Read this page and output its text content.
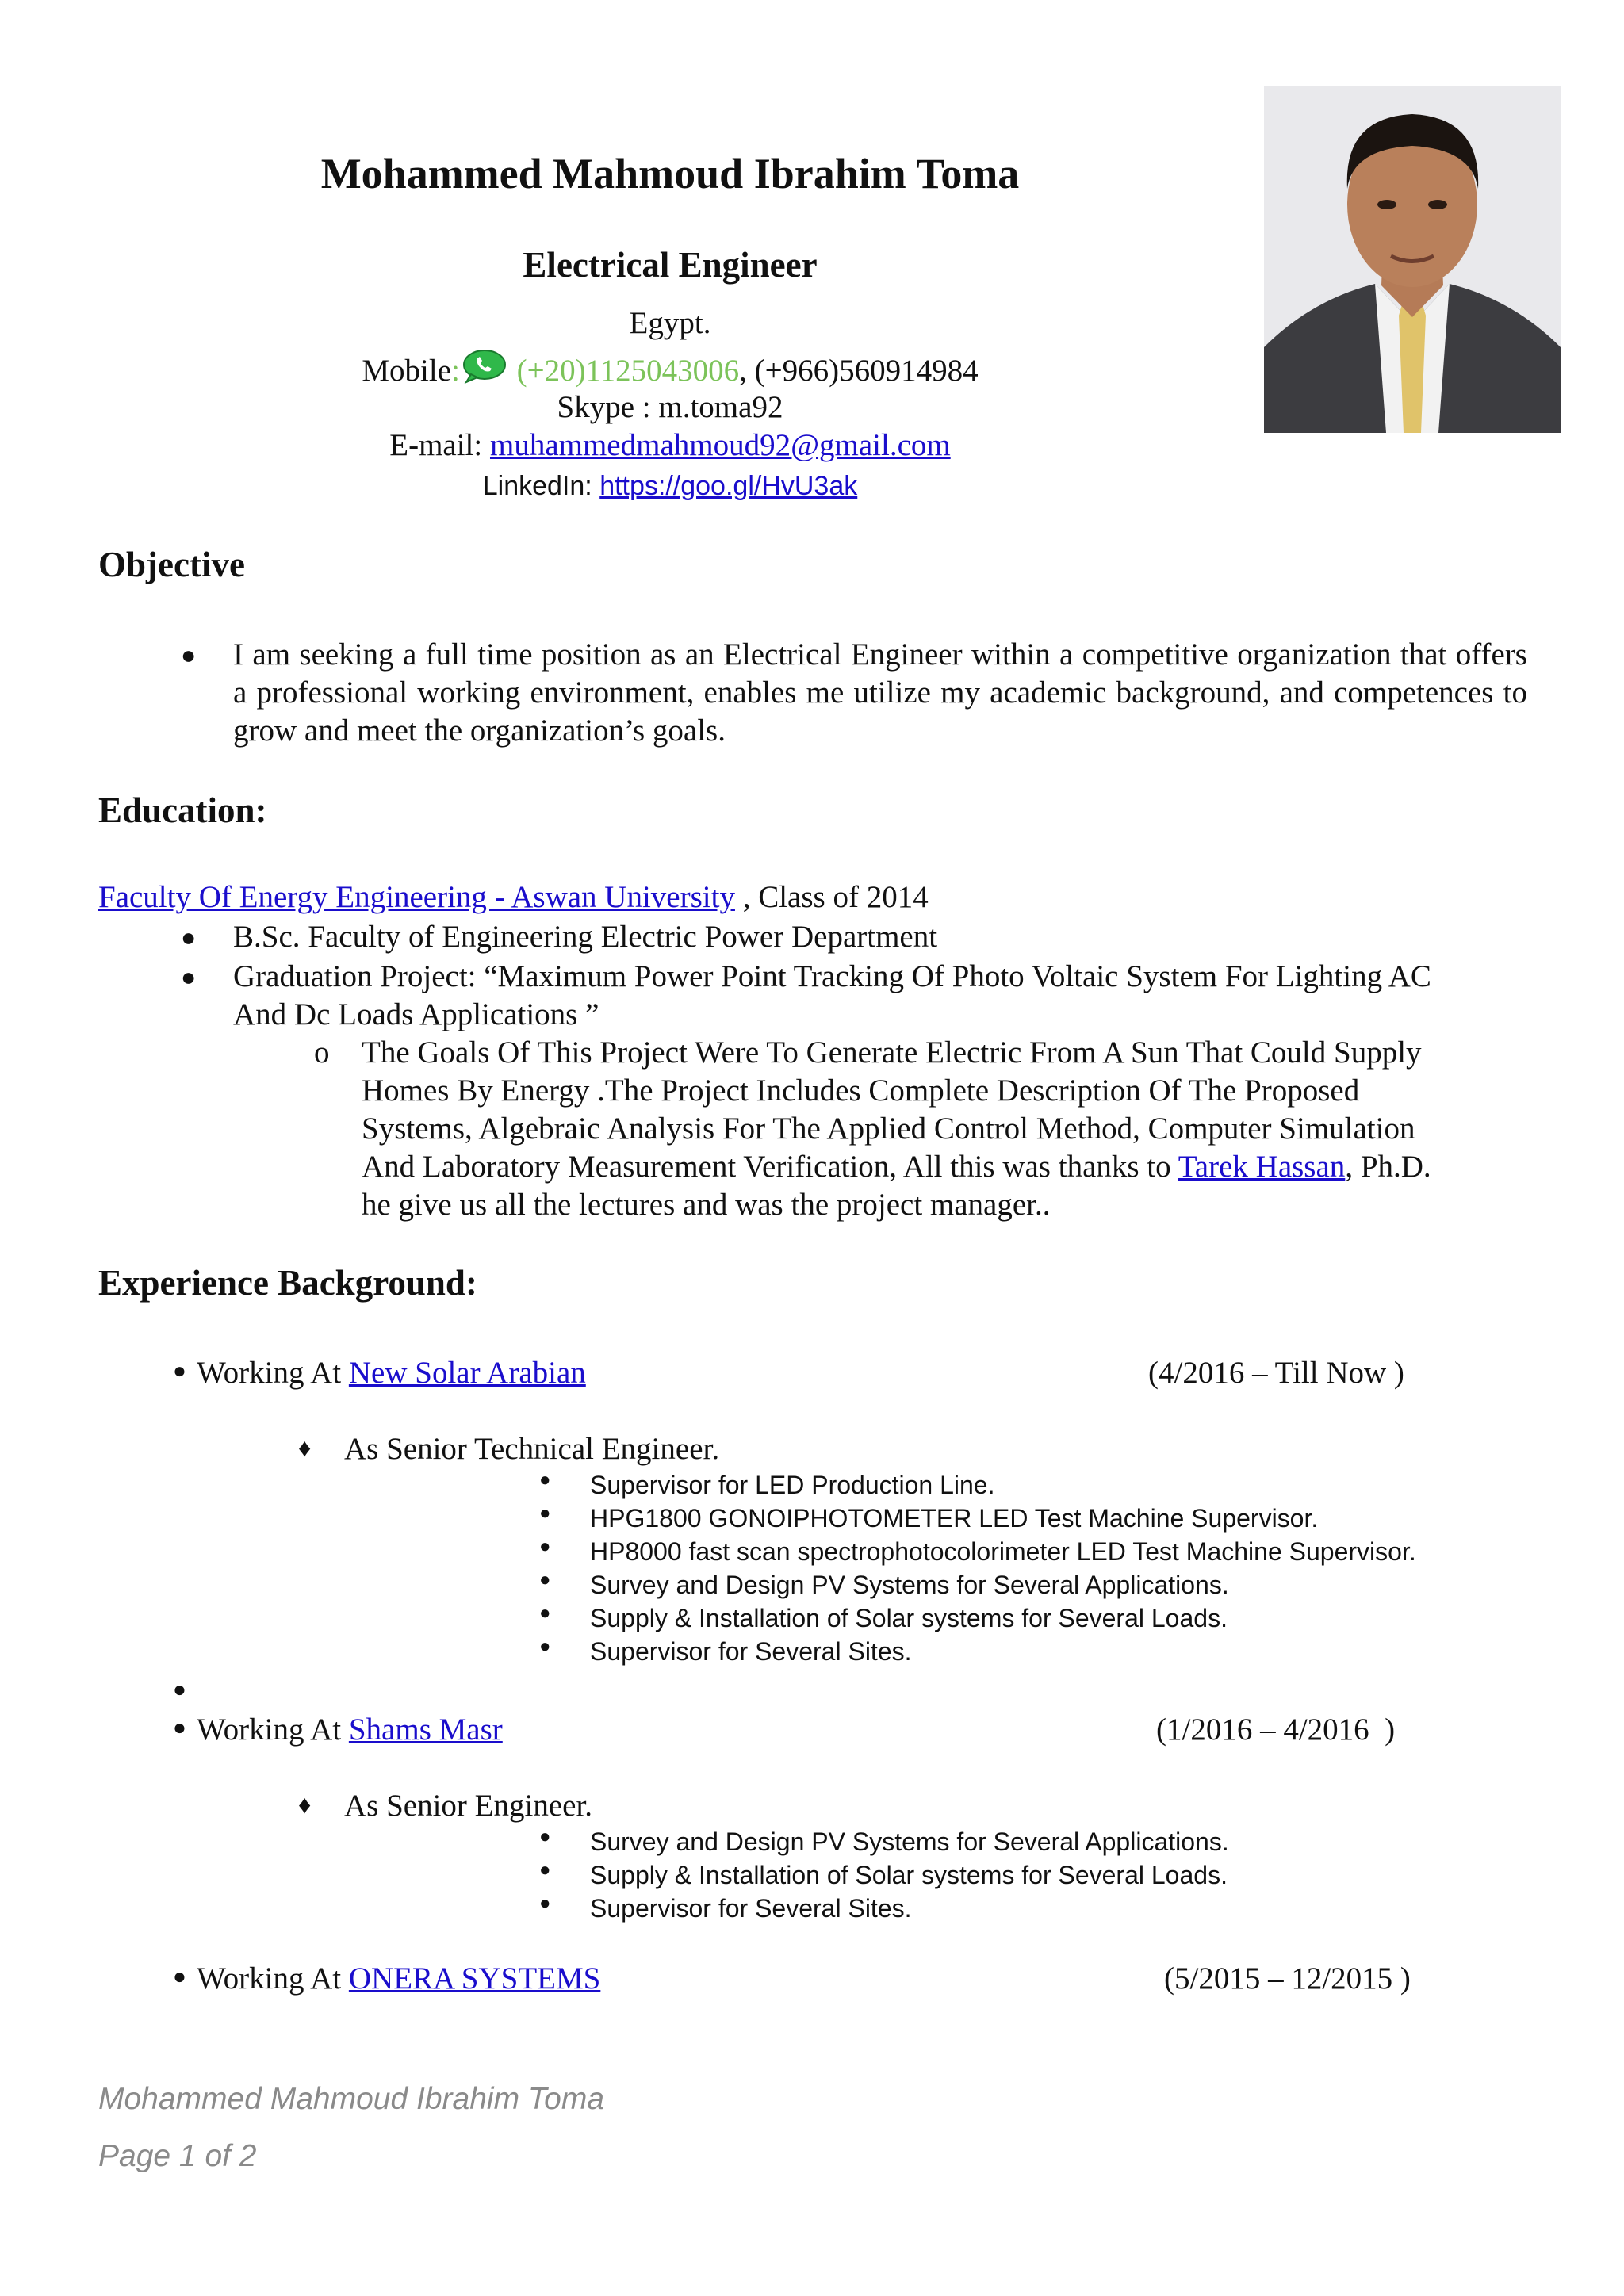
Mohammed Mahmoud Ibrahim Toma
Electrical Engineer
Egypt.
Mobile: (+20)1125043006, (+966)560914984
Skype : m.toma92
E-mail: muhammedmahmoud92@gmail.com
LinkedIn: https://goo.gl/HvU3ak
Objective
● I am seeking a full time position as an Electrical Engineer within a competitive organization that offers a professional working environment, enables me utilize my academic background, and competences to grow and meet the organization’s goals.
Education:
Faculty Of Energy Engineering - Aswan University , Class of 2014
● B.Sc. Faculty of Engineering Electric Power Department
● Graduation Project: “Maximum Power Point Tracking Of Photo Voltaic System For Lighting AC
And Dc Loads Applications ”
o The Goals Of This Project Were To Generate Electric From A Sun That Could Supply
Homes By Energy .The Project Includes Complete Description Of The Proposed
Systems, Algebraic Analysis For The Applied Control Method, Computer Simulation
And Laboratory Measurement Verification, All this was thanks to Tarek Hassan, Ph.D.
he give us all the lectures and was the project manager..
Experience Background:
● Working At New Solar Arabian	(4/2016 – Till Now )
♦ As Senior Technical Engineer.
● Supervisor for LED Production Line.
● HPG1800 GONOIPHOTOMETER LED Test Machine Supervisor.
● HP8000 fast scan spectrophotocolorimeter LED Test Machine Supervisor.
● Survey and Design PV Systems for Several Applications.
● Supply & Installation of Solar systems for Several Loads.
● Supervisor for Several Sites.
●
● Working At Shams Masr	(1/2016 – 4/2016  )
♦ As Senior Engineer.
● Survey and Design PV Systems for Several Applications.
● Supply & Installation of Solar systems for Several Loads.
● Supervisor for Several Sites.
● Working At ONERA SYSTEMS	(5/2015 – 12/2015 )
Mohammed Mahmoud Ibrahim Toma
Page 1 of 2
